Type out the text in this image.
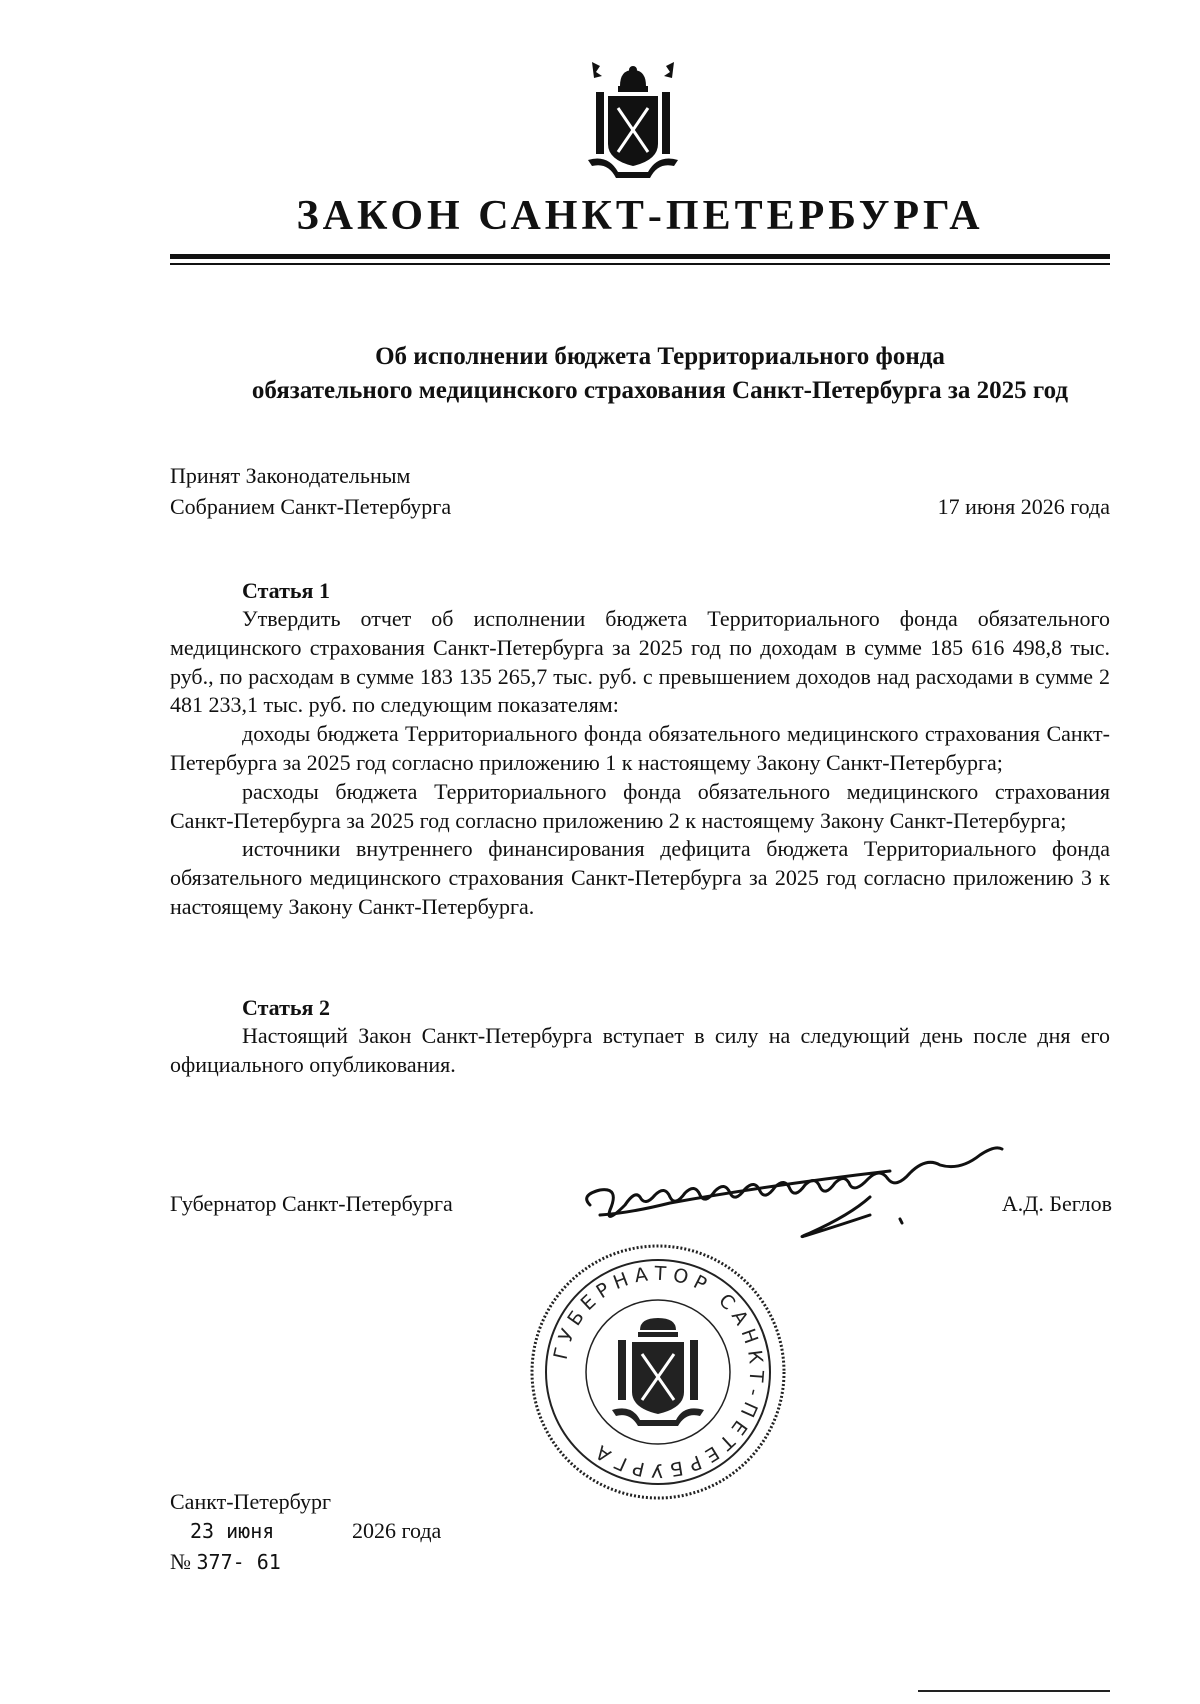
ЗАКОН САНКТ-ПЕТЕРБУРГА
Об исполнении бюджета Территориального фонда
обязательного медицинского страхования Санкт-Петербурга за 2025 год
Принят Законодательным
Собранием Санкт-Петербурга	17 июня 2026 года
Статья 1

Утвердить отчет об исполнении бюджета Территориального фонда обязательного медицинского страхования Санкт-Петербурга за 2025 год по доходам в сумме 185 616 498,8 тыс. руб., по расходам в сумме 183 135 265,7 тыс. руб. с превышением доходов над расходами в сумме 2 481 233,1 тыс. руб. по следующим показателям:

доходы бюджета Территориального фонда обязательного медицинского страхования Санкт-Петербурга за 2025 год согласно приложению 1 к настоящему Закону Санкт-Петербурга;

расходы бюджета Территориального фонда обязательного медицинского страхования Санкт-Петербурга за 2025 год согласно приложению 2 к настоящему Закону Санкт-Петербурга;

источники внутреннего финансирования дефицита бюджета Территориального фонда обязательного медицинского страхования Санкт-Петербурга за 2025 год согласно приложению 3 к настоящему Закону Санкт-Петербурга.

Статья 2

Настоящий Закон Санкт-Петербурга вступает в силу на следующий день после дня его официального опубликования.

Губернатор Санкт-Петербурга	А.Д. Беглов
ГУБЕРНАТОР САНКТ-ПЕТЕРБУРГА
Санкт-Петербург
23 июня	2026 года
№ 377- 61
